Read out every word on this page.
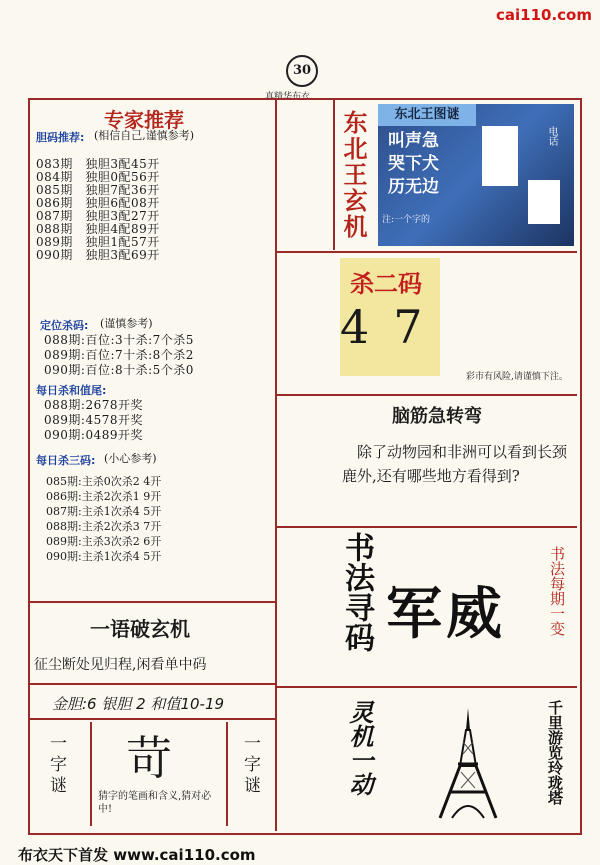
cai110.com
30
真精华布衣
专家推荐
胆码推荐: (相信自己,谨慎参考)
083期　独胆3配45开
084期　独胆0配56开
085期　独胆7配36开
086期　独胆6配08开
087期　独胆3配27开
088期　独胆4配89开
089期　独胆1配57开
090期　独胆3配69开
定位杀码: (谨慎参考)
088期:百位:3十杀:7个杀5
089期:百位:7十杀:8个杀2
090期:百位:8十杀:5个杀0
每日杀和值尾:
088期:2678开奖
089期:4578开奖
090期:0489开奖
每日杀三码: (小心参考)
085期:主杀0次杀2 4开
086期:主杀2次杀1 9开
087期:主杀1次杀4 5开
088期:主杀2次杀3 7开
089期:主杀3次杀2 6开
090期:主杀1次杀4 5开
一语破玄机
征尘断处见归程,闲看单中码
金胆:6 银胆 2 和值10-19
一字谜	一字谜
苛
猜字的笔画和含义,猜对必中!
东北王玄机	东北王图谜
叫声急
哭下犬
历无边
电话
注:一个字的
杀二码
47
彩市有风险,请谨慎下注。
脑筋急转弯
除了动物园和非洲可以看到长颈鹿外,还有哪些地方看得到?
书法寻码 军威	书法每期一变
灵机一动	千里游览玲珑塔
布衣天下首发 www.cai110.com
